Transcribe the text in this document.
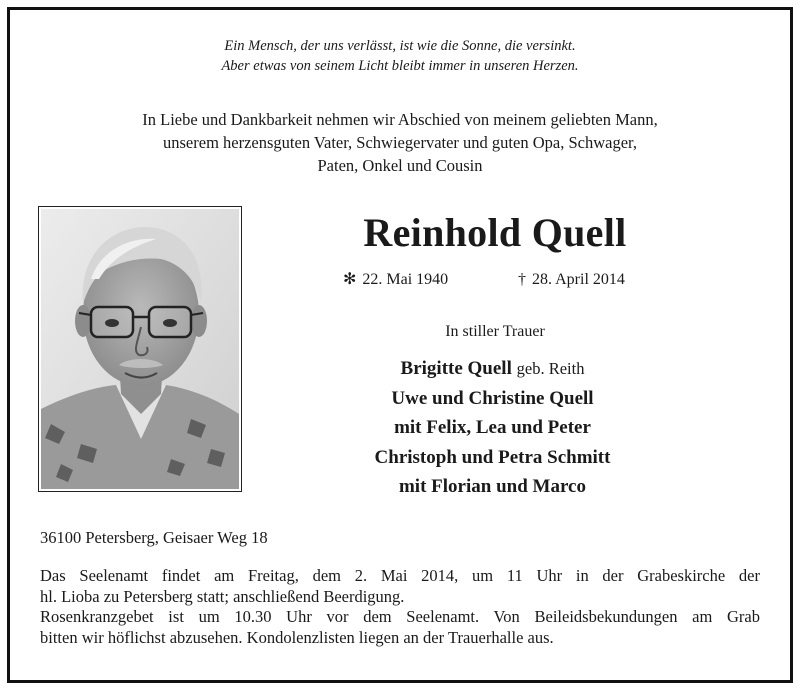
Ein Mensch, der uns verlässt, ist wie die Sonne, die versinkt.
Aber etwas von seinem Licht bleibt immer in unseren Herzen.
In Liebe und Dankbarkeit nehmen wir Abschied von meinem geliebten Mann,
unserem herzensguten Vater, Schwiegervater und guten Opa, Schwager,
Paten, Onkel und Cousin
Reinhold Quell
✻ 22. Mai 1940	† 28. April 2014
In stiller Trauer
Brigitte Quell geb. Reith
Uwe und Christine Quell
mit Felix, Lea und Peter
Christoph und Petra Schmitt
mit Florian und Marco
36100 Petersberg, Geisaer Weg 18
Das Seelenamt findet am Freitag, dem 2. Mai 2014, um 11 Uhr in der Grabeskirche der
hl. Lioba zu Petersberg statt; anschließend Beerdigung.
Rosenkranzgebet ist um 10.30 Uhr vor dem Seelenamt. Von Beileidsbekundungen am Grab
bitten wir höflichst abzusehen. Kondolenzlisten liegen an der Trauerhalle aus.
